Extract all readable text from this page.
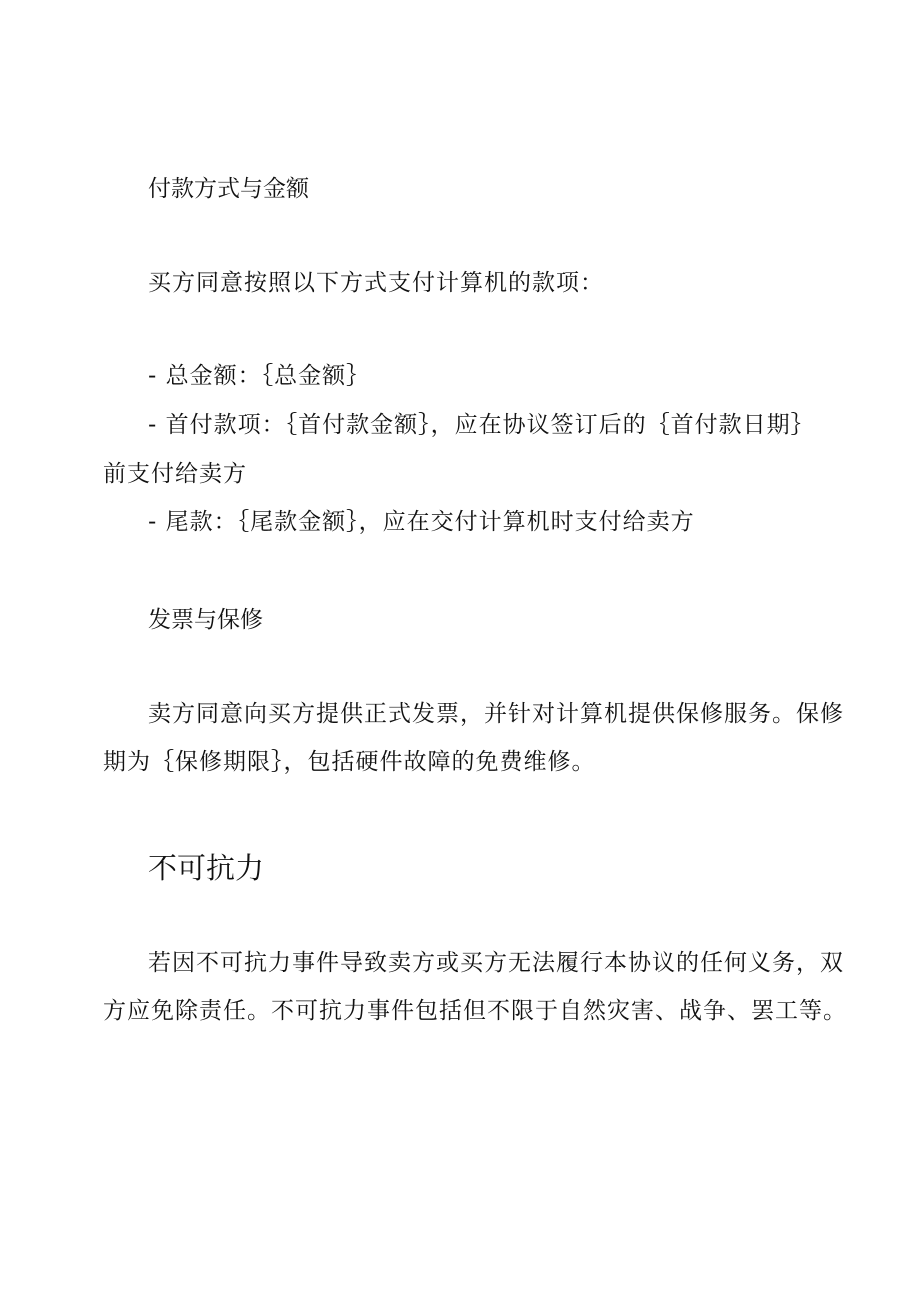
付款方式与金额
买方同意按照以下方式支付计算机的款项：
- 总金额：｛总金额｝
- 首付款项：｛首付款金额｝，应在协议签订后的｛首付款日期｝
前支付给卖方
- 尾款：｛尾款金额｝，应在交付计算机时支付给卖方
发票与保修
卖方同意向买方提供正式发票，并针对计算机提供保修服务。保修
期为｛保修期限｝，包括硬件故障的免费维修。
不可抗力
若因不可抗力事件导致卖方或买方无法履行本协议的任何义务，双
方应免除责任。不可抗力事件包括但不限于自然灾害、战争、罢工等。
